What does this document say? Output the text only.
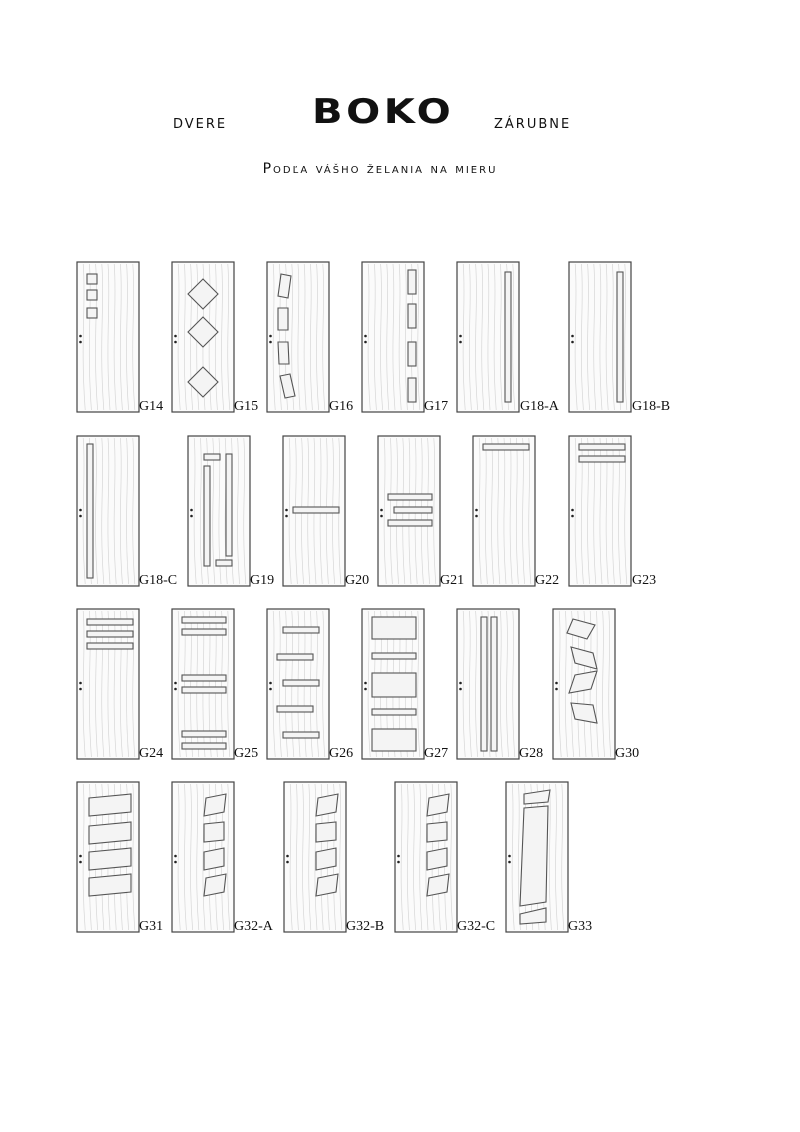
DVERE BOKO	ZÁRUBNE
Podľa vášho želania na mieru
G14	G15	G16	G17	G18-A	G18-B
G18-C	G19	G20	G21	G22	G23
G24	G25	G26	G27	G28	G30
G31	G32-A	G32-B	G32-C	G33
